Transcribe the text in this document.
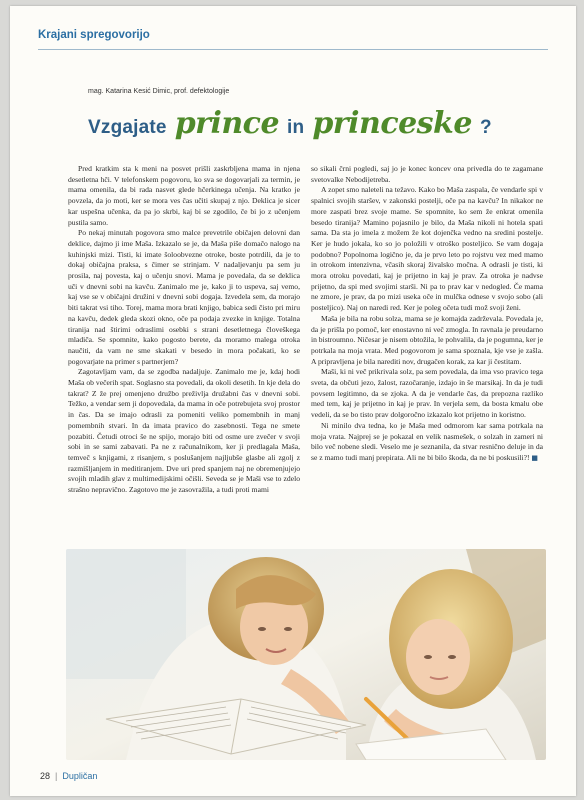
Krajani spregovorijo

mag. Katarina Kesić Dimic, prof. defektologije

Vzgajate prince in princeske ?

Pred kratkim sta k meni na posvet prišli zaskrbljena mama in njena desetletna hči. V telefonskem pogovoru, ko sva se dogovarjali za termin, je mama omenila, da bi rada nasvet glede hčerkinega učenja. Na kratko je povzela, da jo moti, ker se mora ves čas učiti skupaj z njo. Deklica je sicer kar uspešna učenka, da pa jo skrbi, kaj bi se zgodilo, če bi jo z učenjem pustila samo.

Po nekaj minutah pogovora smo malce prevetrile običajen delovni dan deklice, dajmo ji ime Maša. Izkazalo se je, da Maša piše domačo nalogo na kuhinjski mizi. Tisti, ki imate šoloobvezne otroke, boste potrdili, da je to dokaj običajna praksa, s čimer se strinjam. V nadaljevanju pa sem ju prosila, naj povesta, kaj o učenju snovi. Mama je povedala, da se deklica uči v dnevni sobi na kavču. Zanimalo me je, kako ji to uspeva, saj vemo, kaj vse se v običajni družini v dnevni sobi dogaja. Izvedela sem, da morajo biti takrat vsi tiho. Torej, mama mora brati knjigo, babica sedi čisto pri miru na kavču, dedek gleda skozi okno, oče pa podaja zvezke in knjige. Totalna tiranija nad štirimi odraslimi osebki s strani desetletnega človeškega mladiča. Se spomnite, kako pogosto berete, da moramo malega otroka naučiti, da vam ne sme skakati v besedo in mora počakati, ko se pogovarjate na primer s partnerjem?

Zagotavljam vam, da se zgodba nadaljuje. Zanimalo me je, kdaj hodi Maša ob večerih spat. Soglasno sta povedali, da okoli desetih. In kje dela do takrat? Z že prej omenjeno družbo preživlja družabni čas v dnevni sobi. Težko, a vendar sem ji dopovedala, da mama in oče potrebujeta svoj prostor in čas. Da se imajo odrasli za pomeniti veliko pomembnih in manj pomembnih stvari. In da imata pravico do zasebnosti. Tega ne smete pozabiti. Četudi otroci še ne spijo, morajo biti od osme ure zvečer v svoji sobi in se sami zabavati. Pa ne z računalnikom, ker ji predlagala Maša, temveč s knjigami, z risanjem, s poslušanjem najljubše glasbe ali zgolj z razmišljanjem in meditiranjem. Dve uri pred spanjem naj ne obremenjujejo svojih mladih glav z multimedijskimi očišli. Seveda se je Maši vse to zdelo strašno nepravično. Zagotovo me je zasovražila, a tudi proti mami

so sikali črni pogledi, saj jo je konec koncev ona privedla do te zagamane svetovalke Nebodijetreba.

A zopet smo naleteli na težavo. Kako bo Maša zaspala, če vendarle spi v spalnici svojih staršev, v zakonski postelji, oče pa na kavču? In nikakor ne more zaspati brez svoje mame. Se spomnite, ko sem že enkrat omenila besedo tiranija? Mamino pojasnilo je bilo, da Maša nikoli ni hotela spati sama. Da sta jo imela z možem že kot dojenčka vedno na sredini postelje. Ker je hudo jokala, ko so jo položili v otroško posteljico. Se vam dogaja podobno? Popolnoma logično je, da je prvo leto po rojstvu vez med mamo in otrokom intenzivna, včasih skoraj živalsko močna. A odrasli je tisti, ki mora otroku povedati, kaj je prijetno in kaj je prav. Za otroka je nadvse prijetno, da spi med svojimi starši. Ni pa to prav kar v nedogled. Če mama ne zmore, je prav, da po mizi useka oče in mulčka odnese v svojo sobo (ali posteljico). Naj on naredi red. Ker je poleg očeta tudi mož svoji ženi.

Maša je bila na robu solza, mama se je komajda zadrževala. Povedala je, da je prišla po pomoč, ker enostavno ni več zmogla. In ravnala je preudarno in bistroumno. Ničesar je nisem obtožila, le pohvalila, da je pogumna, ker je potrkala na moja vrata. Med pogovorom je sama spoznala, kje vse je zašla. A pripravljena je bila narediti nov, drugačen korak, za kar ji čestitam.

Maši, ki ni več prikrivala solz, pa sem povedala, da ima vso pravico tega sveta, da občuti jezo, žalost, razočaranje, izdajo in še marsikaj. In da je tudi povsem legitimno, da se zjoka. A da je vendarle čas, da prepozna razliko med tem, kaj je prijetno in kaj je prav. In verjela sem, da bosta kmalu obe vedeli, da se bo tisto prav dolgoročno izkazalo kot prijetno in koristno.

Ni minilo dva tedna, ko je Maša med odmorom kar sama potrkala na moja vrata. Najprej se je pokazal en velik nasmešek, o solzah in zameri ni bilo več nobene sledi. Veselo me je seznanila, da stvar resnično deluje in da se z mamo tudi manj prepirata. Ali ne bi bilo škoda, da ne bi poskusili?! ■

28 | Dupličan
